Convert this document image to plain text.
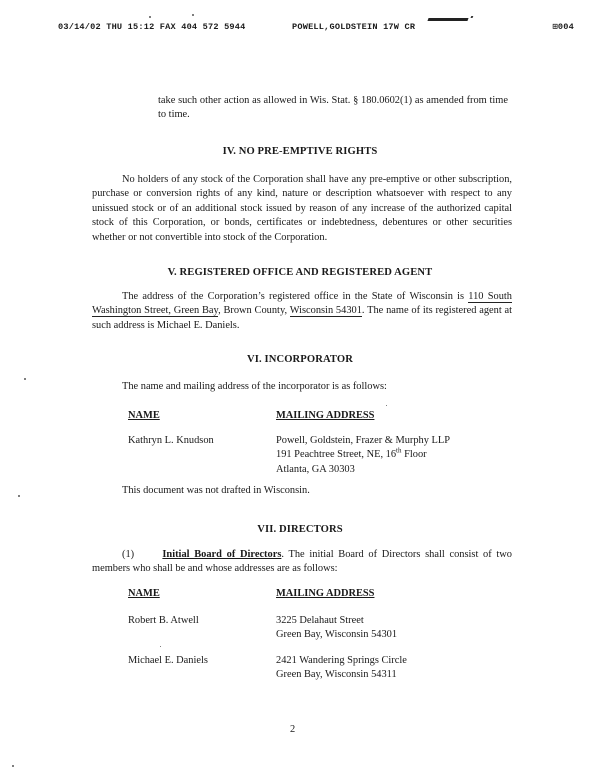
03/14/02 THU 15:12 FAX 404 572 5944	POWELL,GOLDSTEIN 17W CR	⊞004

take such other action as allowed in Wis. Stat. § 180.0602(1) as amended from time to time.

IV. NO PRE-EMPTIVE RIGHTS

No holders of any stock of the Corporation shall have any pre-emptive or other subscription, purchase or conversion rights of any kind, nature or description whatsoever with respect to any unissued stock or of an additional stock issued by reason of any increase of the authorized capital stock of this Corporation, or bonds, certificates or indebtedness, debentures or other securities whether or not convertible into stock of the Corporation.

V. REGISTERED OFFICE AND REGISTERED AGENT

The address of the Corporation’s registered office in the State of Wisconsin is 110 South Washington Street, Green Bay, Brown County, Wisconsin 54301. The name of its registered agent at such address is Michael E. Daniels.

VI. INCORPORATOR

The name and mailing address of the incorporator is as follows:

NAME	MAILING ADDRESS
Kathryn L. Knudson	Powell, Goldstein, Frazer & Murphy LLP
191 Peachtree Street, NE, 16th Floor
Atlanta, GA 30303

This document was not drafted in Wisconsin.

VII. DIRECTORS

(1)	Initial Board of Directors. The initial Board of Directors shall consist of two members who shall be and whose addresses are as follows:

NAME	MAILING ADDRESS
Robert B. Atwell	3225 Delahaut Street
Green Bay, Wisconsin 54301
Michael E. Daniels	2421 Wandering Springs Circle
Green Bay, Wisconsin 54311
2
